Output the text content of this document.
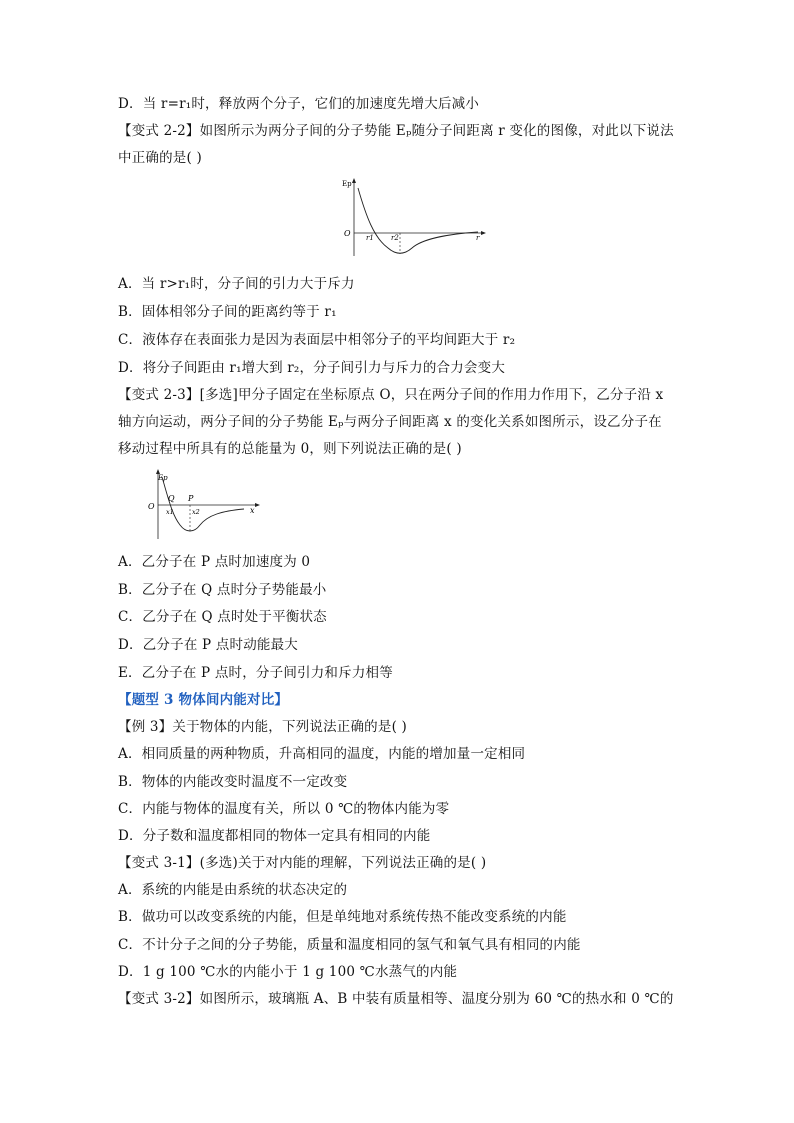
D．当 r=r₁时，释放两个分子，它们的加速度先增大后减小
【变式 2-2】如图所示为两分子间的分子势能 Eₚ随分子间距离 r 变化的图像，对此以下说法
中正确的是( )
Ep
O r1 r2	r
A．当 r>r₁时，分子间的引力大于斥力
B．固体相邻分子间的距离约等于 r₁
C．液体存在表面张力是因为表面层中相邻分子的平均间距大于 r₂
D．将分子间距由 r₁增大到 r₂，分子间引力与斥力的合力会变大
【变式 2-3】[多选]甲分子固定在坐标原点 O，只在两分子间的作用力作用下，乙分子沿 x
轴方向运动，两分子间的分子势能 Eₚ与两分子间距离 x 的变化关系如图所示，设乙分子在
移动过程中所具有的总能量为 0，则下列说法正确的是( )
Ep
O
Q P
x1	x2	x
A．乙分子在 P 点时加速度为 0
B．乙分子在 Q 点时分子势能最小
C．乙分子在 Q 点时处于平衡状态
D．乙分子在 P 点时动能最大
E．乙分子在 P 点时，分子间引力和斥力相等
【题型 3 物体间内能对比】
【例 3】关于物体的内能，下列说法正确的是( )
A．相同质量的两种物质，升高相同的温度，内能的增加量一定相同
B．物体的内能改变时温度不一定改变
C．内能与物体的温度有关，所以 0 ℃的物体内能为零
D．分子数和温度都相同的物体一定具有相同的内能
【变式 3-1】(多选)关于对内能的理解，下列说法正确的是( )
A．系统的内能是由系统的状态决定的
B．做功可以改变系统的内能，但是单纯地对系统传热不能改变系统的内能
C．不计分子之间的分子势能，质量和温度相同的氢气和氧气具有相同的内能
D．1 g 100 ℃水的内能小于 1 g 100 ℃水蒸气的内能
【变式 3-2】如图所示，玻璃瓶 A、B 中装有质量相等、温度分别为 60 ℃的热水和 0 ℃的
